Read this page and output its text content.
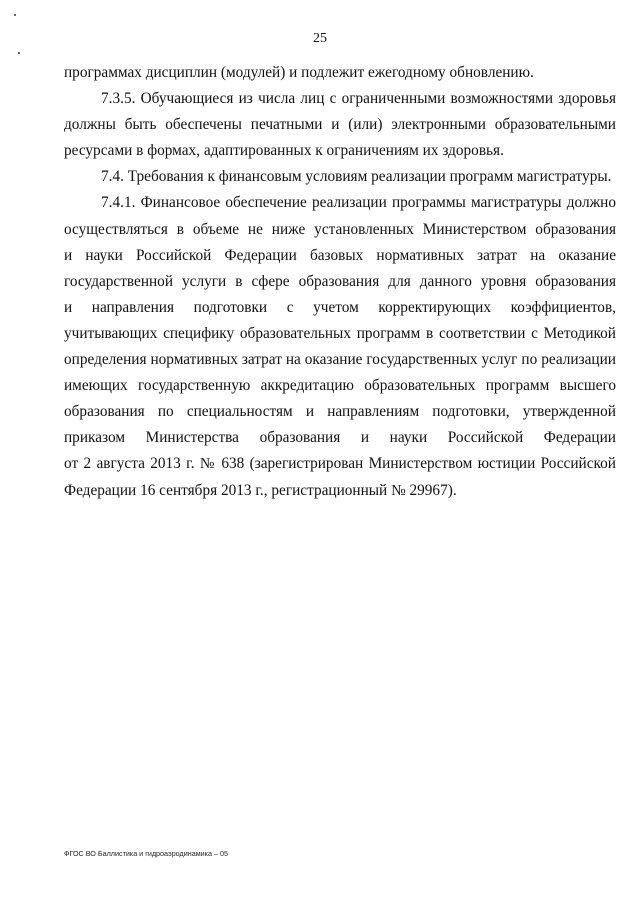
25

программах дисциплин (модулей) и подлежит ежегодному обновлению.

7.3.5. Обучающиеся из числа лиц с ограниченными возможностями здоровья
должны быть обеспечены печатными и (или) электронными образовательными
ресурсами в формах, адаптированных к ограничениям их здоровья.

7.4. Требования к финансовым условиям реализации программ магистратуры.

7.4.1. Финансовое обеспечение реализации программы магистратуры должно
осуществляться в объеме не ниже установленных Министерством образования
и науки Российской Федерации базовых нормативных затрат на оказание
государственной услуги в сфере образования для данного уровня образования
и направления подготовки с учетом корректирующих коэффициентов,
учитывающих специфику образовательных программ в соответствии с Методикой
определения нормативных затрат на оказание государственных услуг по реализации
имеющих государственную аккредитацию образовательных программ высшего
образования по специальностям и направлениям подготовки, утвержденной
приказом Министерства образования и науки Российской Федерации
от 2 августа 2013 г. № 638 (зарегистрирован Министерством юстиции Российской
Федерации 16 сентября 2013 г., регистрационный № 29967).

ФГОС ВО Баллистика и гидроаэродинамика – 05
